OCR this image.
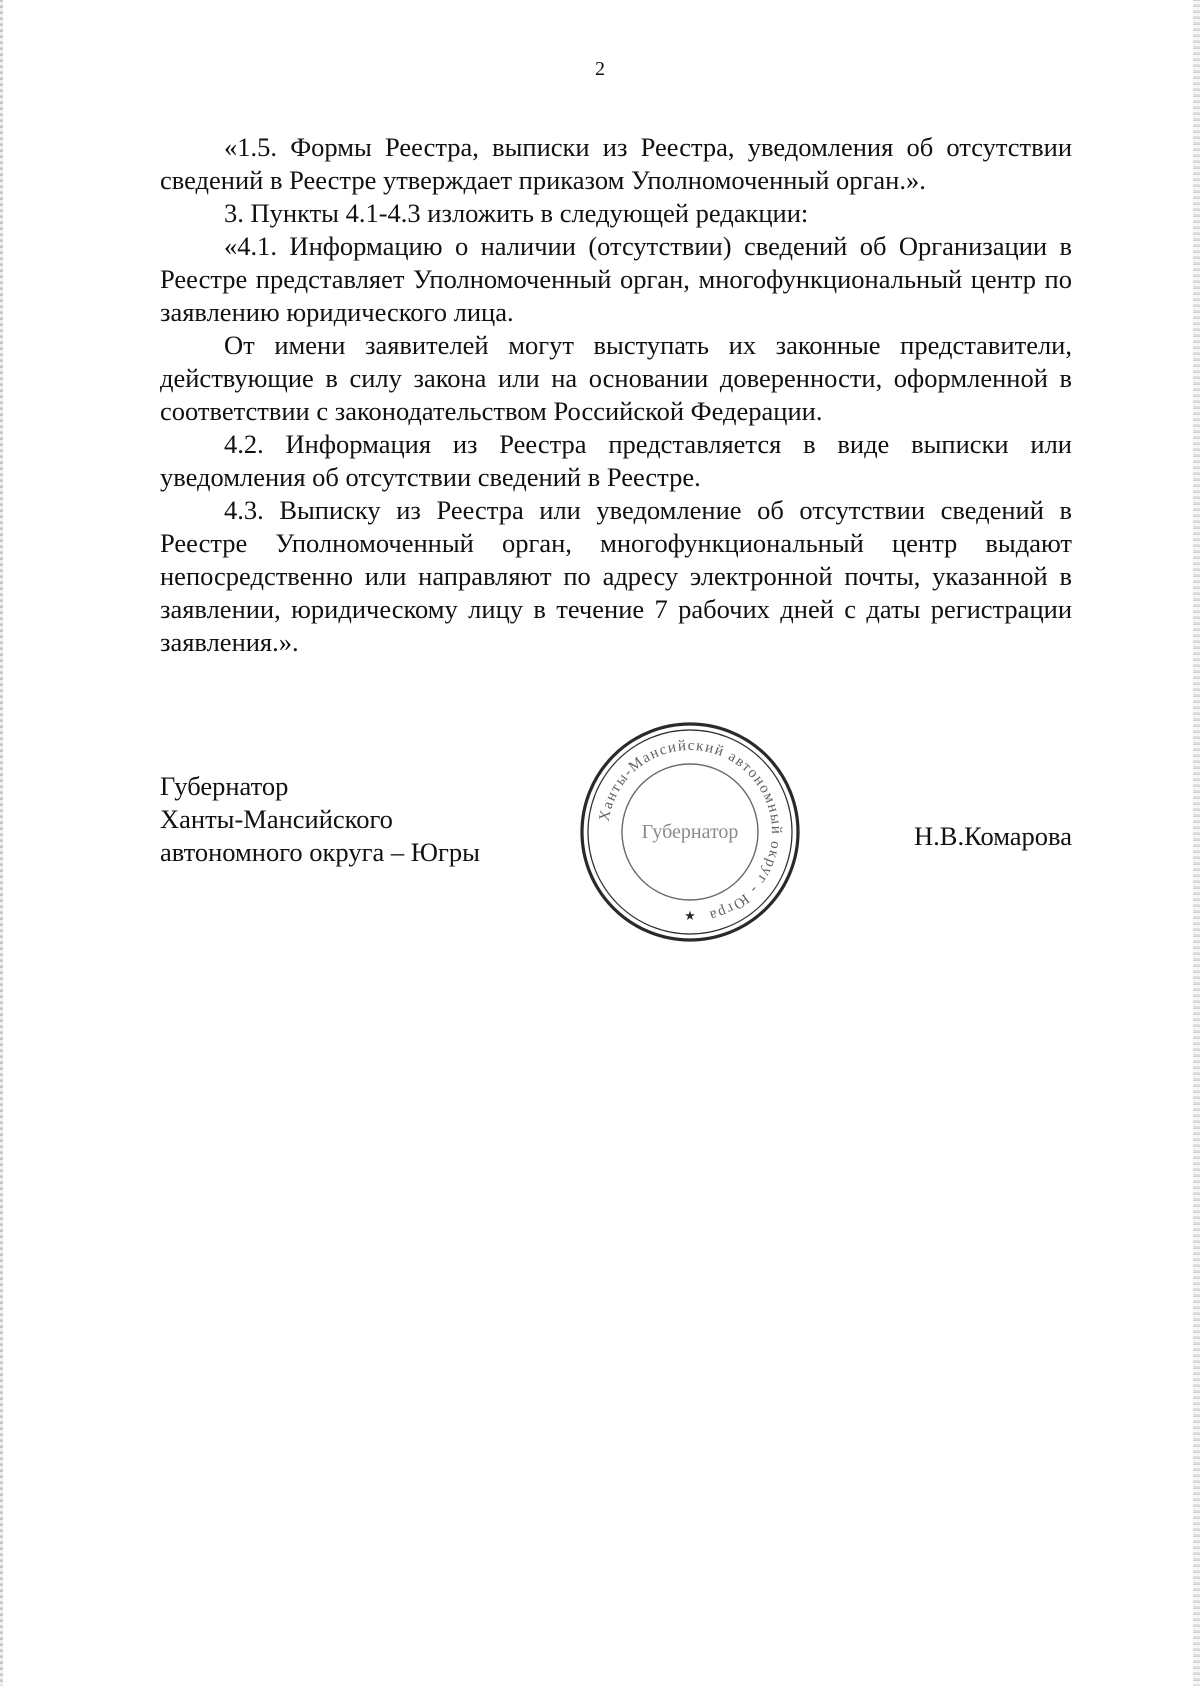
2

«1.5. Формы Реестра, выписки из Реестра, уведомления об отсутствии сведений в Реестре утверждает приказом Уполномоченный орган.».

3. Пункты 4.1-4.3 изложить в следующей редакции:

«4.1. Информацию о наличии (отсутствии) сведений об Организации в Реестре представляет Уполномоченный орган, многофункциональный центр по заявлению юридического лица.

От имени заявителей могут выступать их законные представители, действующие в силу закона или на основании доверенности, оформленной в соответствии с законодательством Российской Федерации.

4.2. Информация из Реестра представляется в виде выписки или уведомления об отсутствии сведений в Реестре.

4.3. Выписку из Реестра или уведомление об отсутствии сведений в Реестре Уполномоченный орган, многофункциональный центр выдают непосредственно или направляют по адресу электронной почты, указанной в заявлении, юридическому лицу в течение 7 рабочих дней с даты регистрации заявления.».

Губернатор
Ханты-Мансийского
автономного округа – Югры
Ханты-Мансийский автономный округ - Югра
Губернатор
★
Н.В.Комарова
